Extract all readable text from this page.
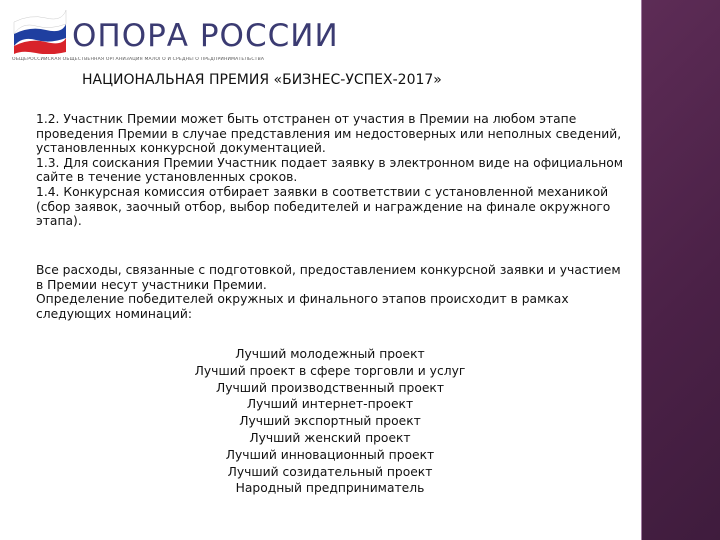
ОПОРА РОССИИ
ОБЩЕРОССИЙСКАЯ ОБЩЕСТВЕННАЯ ОРГАНИЗАЦИЯ МАЛОГО И СРЕДНЕГО ПРЕДПРИНИМАТЕЛЬСТВА
НАЦИОНАЛЬНАЯ ПРЕМИЯ «БИЗНЕС-УСПЕХ-2017»

1.2. Участник Премии может быть отстранен от участия в Премии на любом этапе

проведения Премии в случае представления им недостоверных или неполных сведений,

установленных конкурсной документацией.

1.3. Для соискания Премии Участник подает заявку в электронном виде на официальном

сайте в течение установленных сроков.

1.4. Конкурсная комиссия отбирает заявки в соответствии с установленной механикой

(сбор заявок, заочный отбор, выбор победителей и награждение на финале окружного

этапа).

Все расходы, связанные с подготовкой, предоставлением конкурсной заявки и участием

в Премии несут участники Премии.

Определение победителей окружных и финального этапов происходит в рамках

следующих номинаций:

Лучший молодежный проект
Лучший проект в сфере торговли и услуг
Лучший производственный проект
Лучший интернет-проект
Лучший экспортный проект
Лучший женский проект
Лучший инновационный проект
Лучший созидательный проект
Народный предприниматель
